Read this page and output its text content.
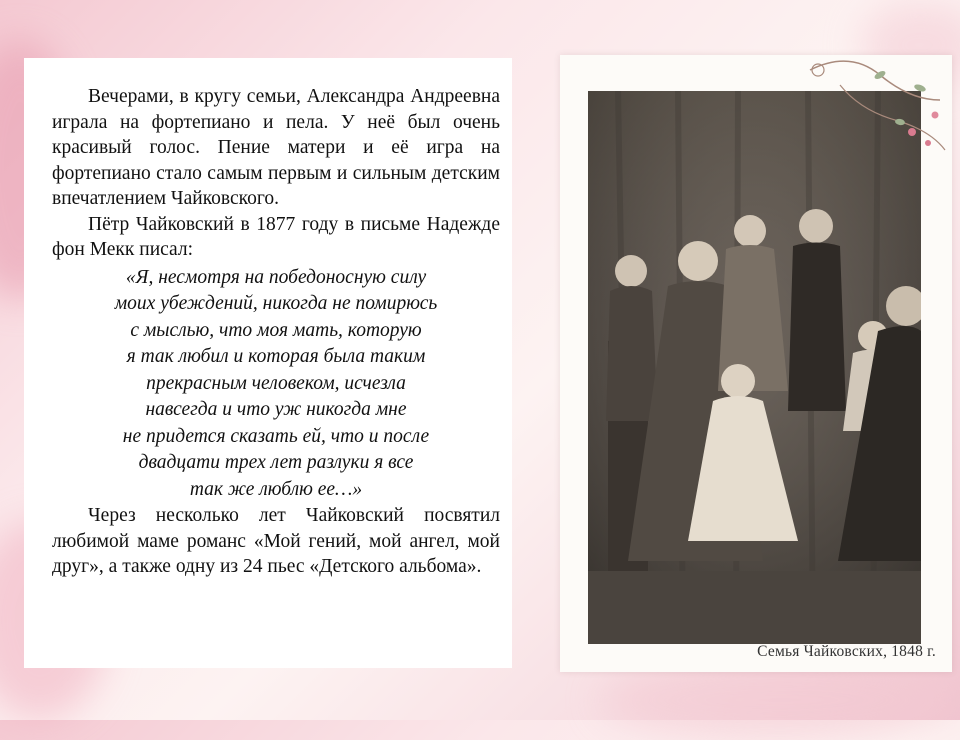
Вечерами, в кругу семьи, Александра Андреевна играла на фортепиано и пела. У неё был очень красивый голос. Пение матери и её игра на фортепиано стало самым первым и сильным детским впечатлением Чайковского.

Пётр Чайковский в 1877 году в письме Надежде фон Мекк писал:

«Я, несмотря на победоносную силу
моих убеждений, никогда не помирюсь
с мыслью, что моя мать, которую
я так любил и которая была таким
прекрасным человеком, исчезла
навсегда и что уж никогда мне
не придется сказать ей, что и после
двадцати трех лет разлуки я все
так же люблю ее…»

Через несколько лет Чайковский посвятил любимой маме романс «Мой гений, мой ангел, мой друг», а также одну из 24 пьес «Детского альбома».

Семья Чайковских, 1848 г.
